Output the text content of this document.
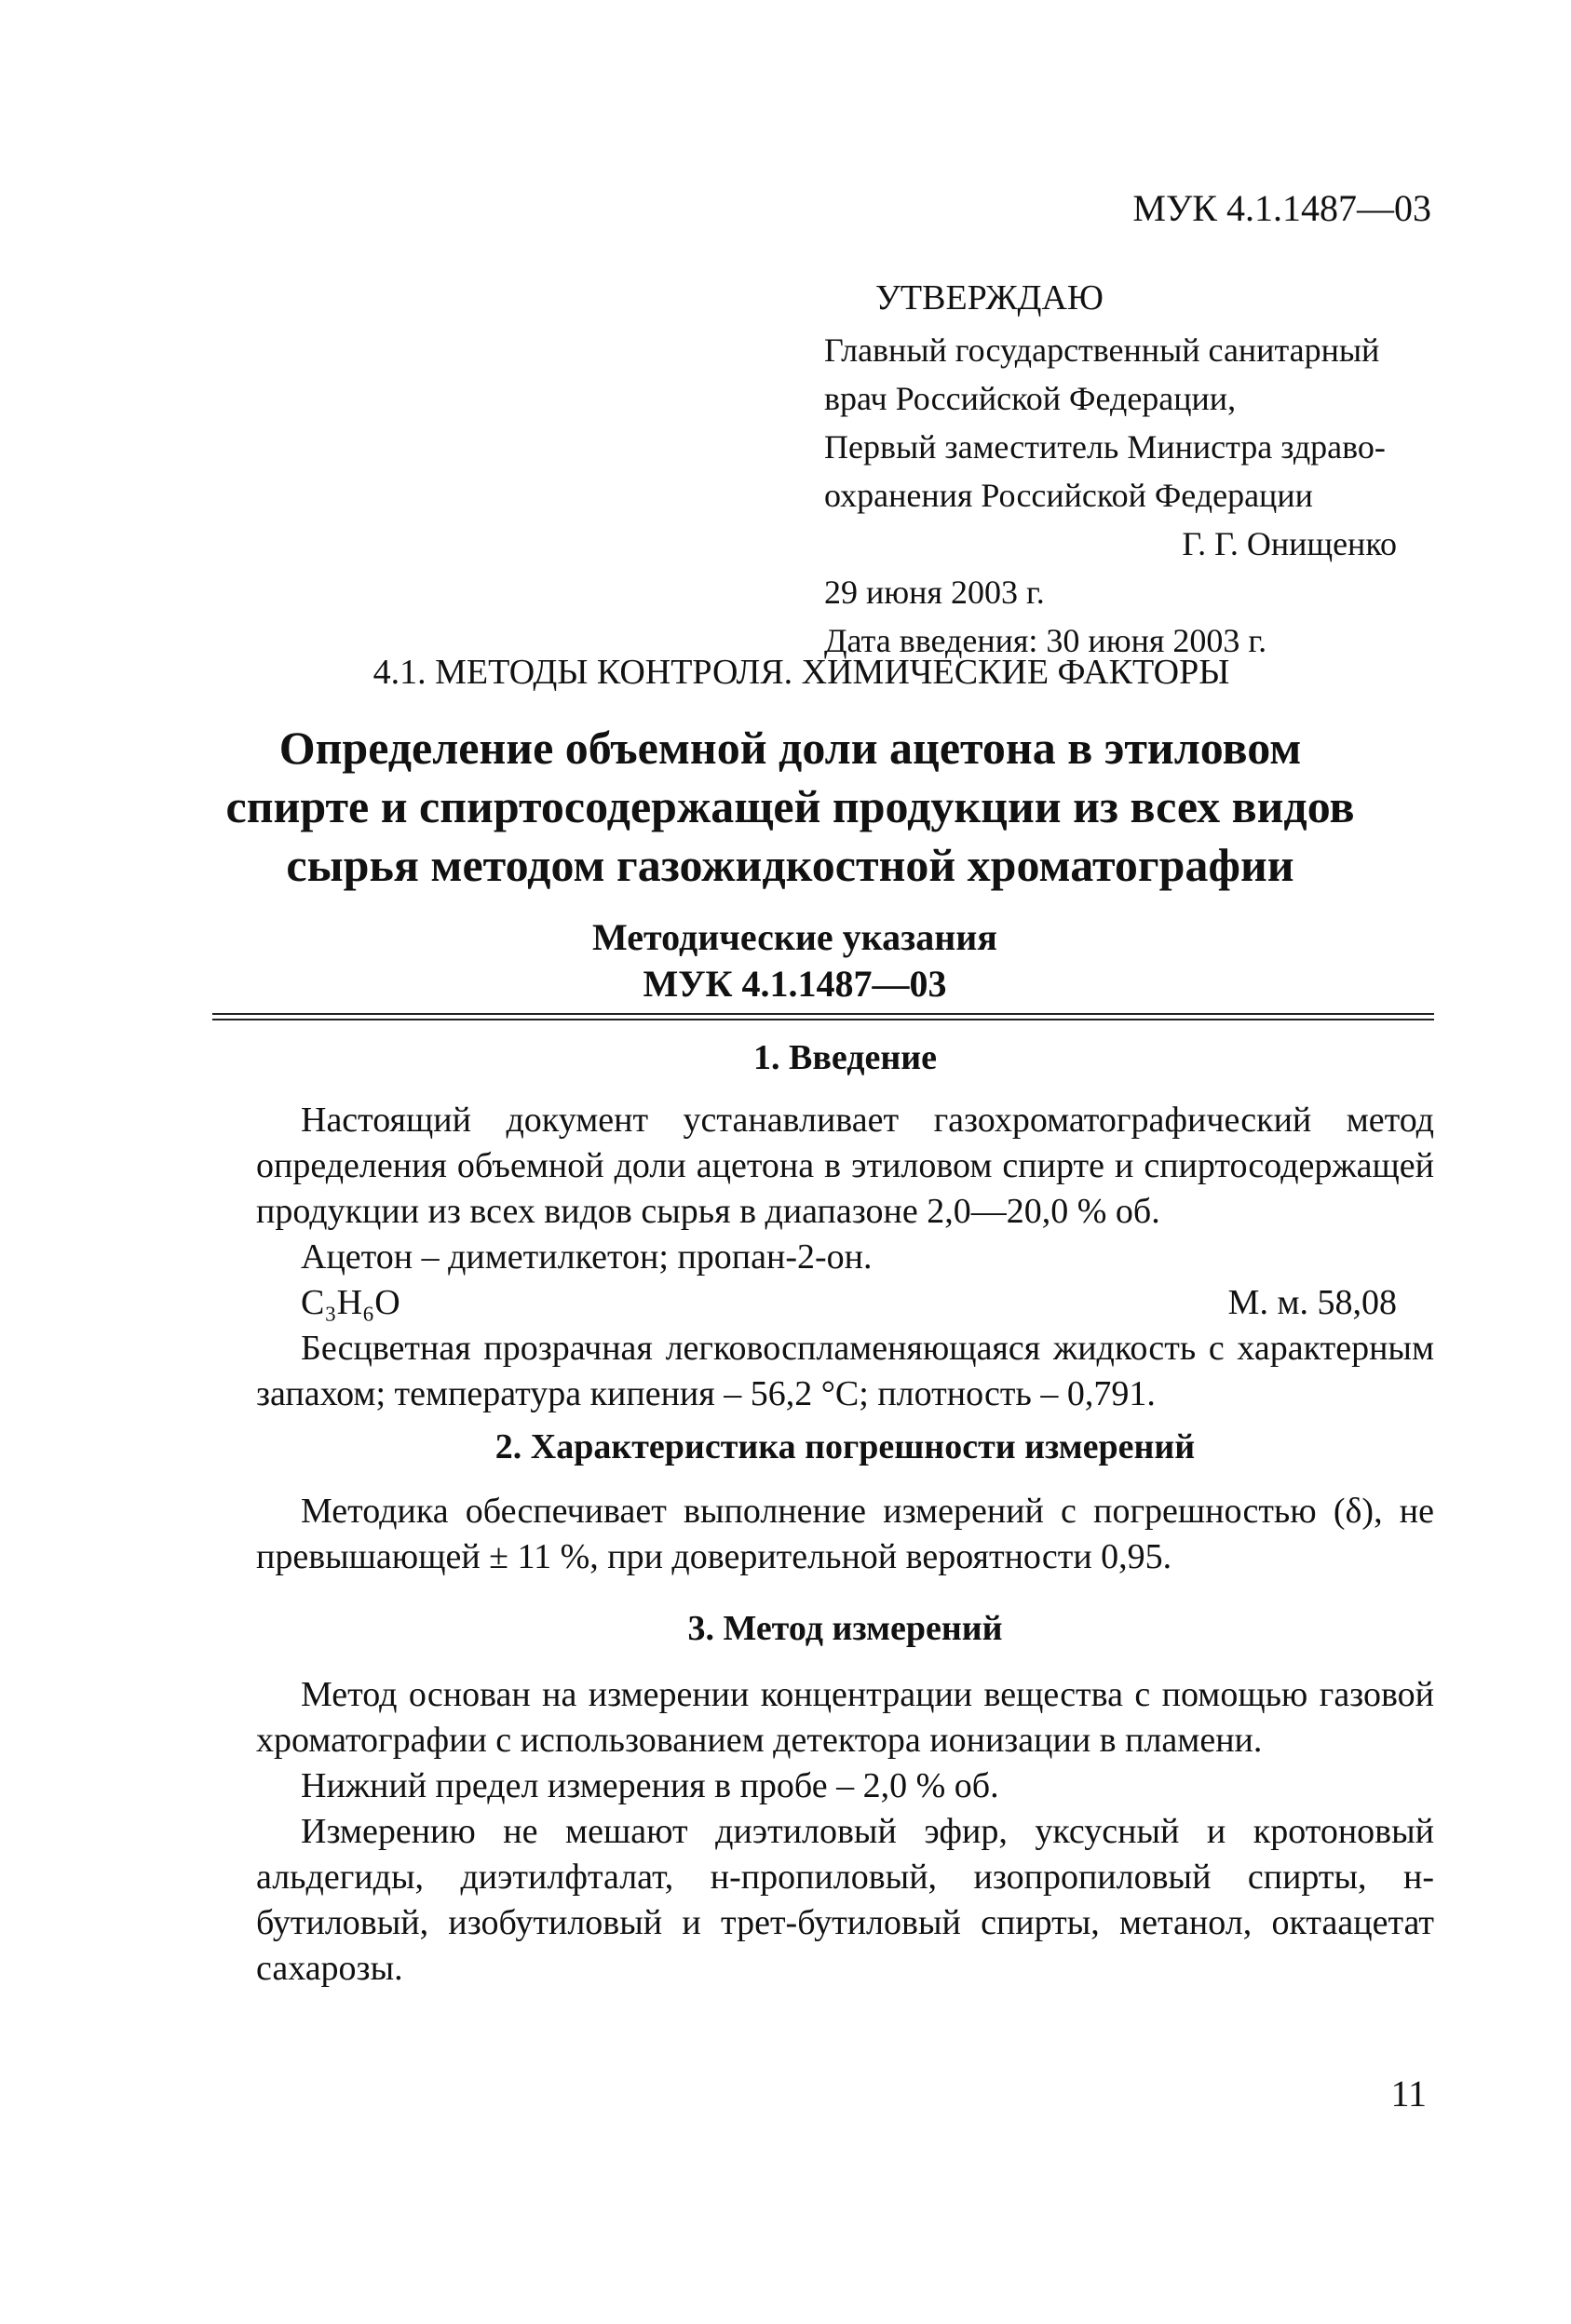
МУК 4.1.1487—03
УТВЕРЖДАЮ
Главный государственный санитарный
врач Российской Федерации,
Первый заместитель Министра здраво-
охранения Российской Федерации
Г. Г. Онищенко
29 июня 2003 г.
Дата введения: 30 июня 2003 г.
4.1. МЕТОДЫ КОНТРОЛЯ. ХИМИЧЕСКИЕ ФАКТОРЫ
Определение объемной доли ацетона в этиловом
спирте и спиртосодержащей продукции из всех видов
сырья методом газожидкостной хроматографии
Методические указания
МУК 4.1.1487—03

1. Введение

Настоящий документ устанавливает газохроматографический метод определения объемной доли ацетона в этиловом спирте и спиртосодержащей продукции из всех видов сырья в диапазоне 2,0—20,0 % об.

Ацетон – диметилкетон; пропан-2-он.

C₃H₆O	М. м. 58,08

Бесцветная прозрачная легковоспламеняющаяся жидкость с характерным запахом; температура кипения – 56,2 °С; плотность – 0,791.

2. Характеристика погрешности измерений

Методика обеспечивает выполнение измерений с погрешностью (δ), не превышающей ± 11 %, при доверительной вероятности 0,95.

3. Метод измерений

Метод основан на измерении концентрации вещества с помощью газовой хроматографии с использованием детектора ионизации в пламени.

Нижний предел измерения в пробе – 2,0 % об.

Измерению не мешают диэтиловый эфир, уксусный и кротоновый альдегиды, диэтилфталат, н-пропиловый, изопропиловый спирты, н-бутиловый, изобутиловый и трет-бутиловый спирты, метанол, октаацетат сахарозы.

11
